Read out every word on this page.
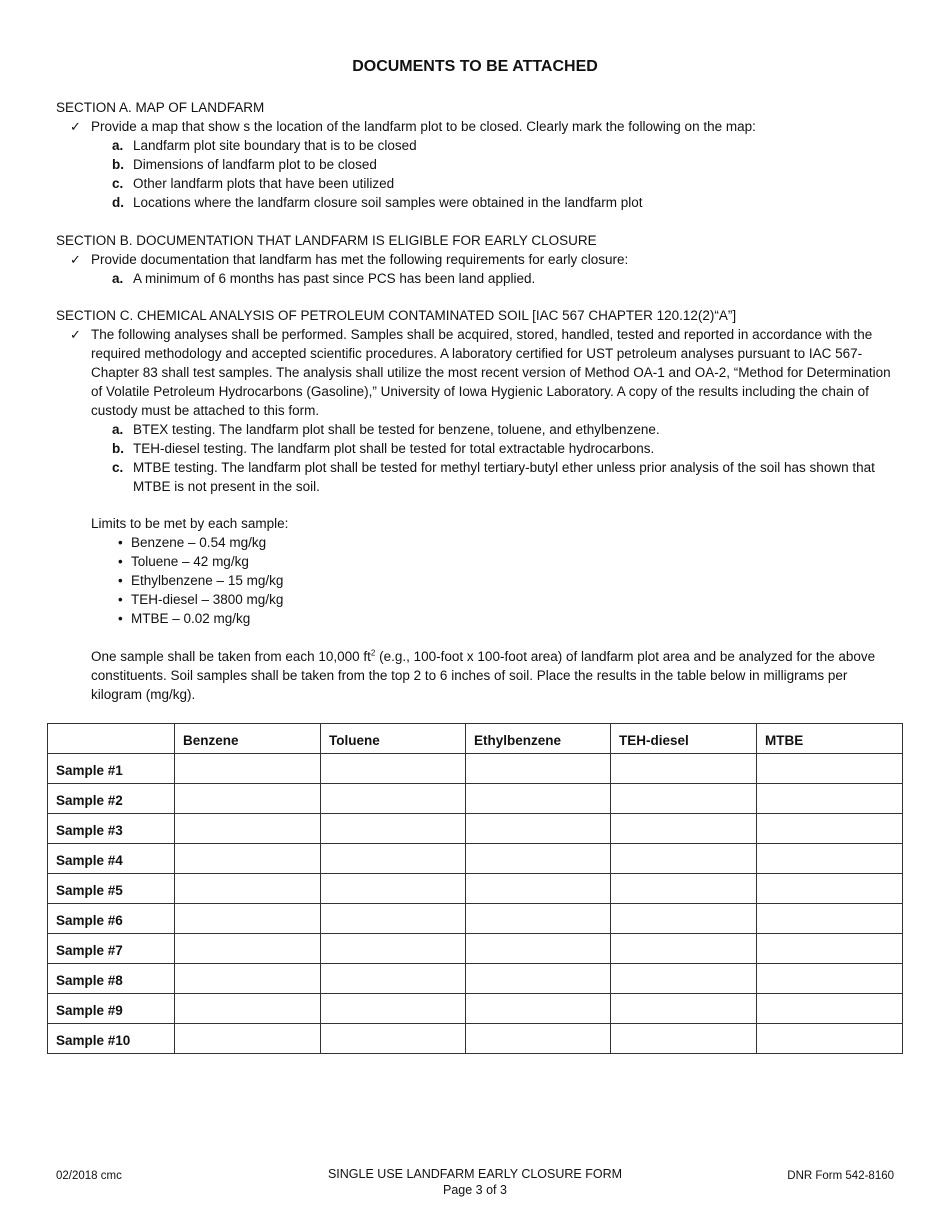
DOCUMENTS TO BE ATTACHED
SECTION A. MAP OF LANDFARM
✓ Provide a map that show s the location of the landfarm plot to be closed. Clearly mark the following on the map:
a. Landfarm plot site boundary that is to be closed
b. Dimensions of landfarm plot to be closed
c. Other landfarm plots that have been utilized
d. Locations where the landfarm closure soil samples were obtained in the landfarm plot
SECTION B. DOCUMENTATION THAT LANDFARM IS ELIGIBLE FOR EARLY CLOSURE
✓ Provide documentation that landfarm has met the following requirements for early closure:
a. A minimum of 6 months has past since PCS has been land applied.
SECTION C. CHEMICAL ANALYSIS OF PETROLEUM CONTAMINATED SOIL [IAC 567 CHAPTER 120.12(2)“A”]
✓ The following analyses shall be performed. Samples shall be acquired, stored, handled, tested and reported in accordance with the required methodology and accepted scientific procedures. A laboratory certified for UST petroleum analyses pursuant to IAC 567-Chapter 83 shall test samples. The analysis shall utilize the most recent version of Method OA-1 and OA-2, “Method for Determination of Volatile Petroleum Hydrocarbons (Gasoline),” University of Iowa Hygienic Laboratory. A copy of the results including the chain of custody must be attached to this form.
a. BTEX testing. The landfarm plot shall be tested for benzene, toluene, and ethylbenzene.
b. TEH-diesel testing. The landfarm plot shall be tested for total extractable hydrocarbons.
c. MTBE testing. The landfarm plot shall be tested for methyl tertiary-butyl ether unless prior analysis of the soil has shown that MTBE is not present in the soil.
Limits to be met by each sample:
• Benzene – 0.54 mg/kg
• Toluene – 42 mg/kg
• Ethylbenzene – 15 mg/kg
• TEH-diesel – 3800 mg/kg
• MTBE – 0.02 mg/kg
One sample shall be taken from each 10,000 $ft^2$ (e.g., 100-foot x 100-foot area) of landfarm plot area and be analyzed for the above constituents. Soil samples shall be taken from the top 2 to 6 inches of soil. Place the results in the table below in milligrams per kilogram (mg/kg).
	Benzene	Toluene	Ethylbenzene	TEH-diesel	MTBE
Sample #1					
Sample #2					
Sample #3					
Sample #4					
Sample #5					
Sample #6					
Sample #7					
Sample #8					
Sample #9					
Sample #10					
02/2018 cmc	SINGLE USE LANDFARM EARLY CLOSURE FORM
Page 3 of 3
DNR Form 542-8160
